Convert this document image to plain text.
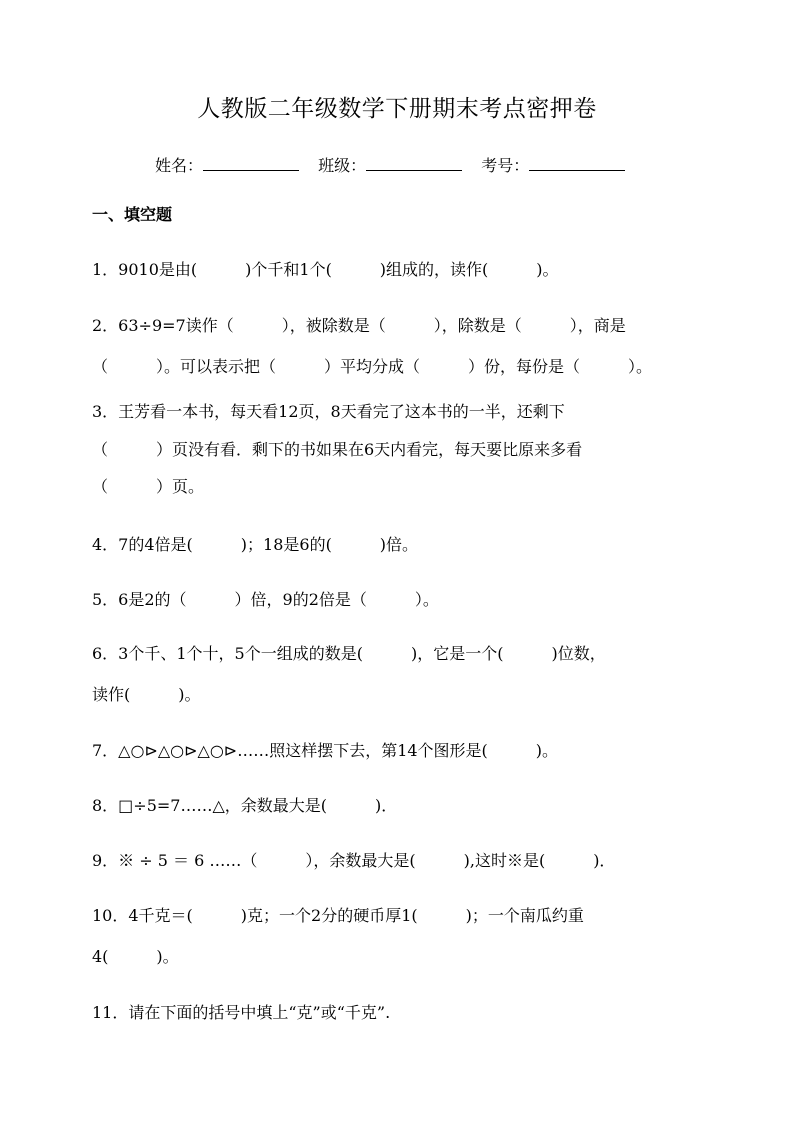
人教版二年级数学下册期末考点密押卷
姓名：	班级：	考号：
一、填空题
1．9010是由(　　　)个千和1个(　　　)组成的，读作(　　　)。
2．63÷9=7读作（　　　），被除数是（　　　），除数是（　　　），商是
（　　　）。可以表示把（　　　）平均分成（　　　）份，每份是（　　　）。
3．王芳看一本书，每天看12页，8天看完了这本书的一半，还剩下
（　　　）页没有看．剩下的书如果在6天内看完，每天要比原来多看
（　　　）页。
4．7的4倍是(　　　)；18是6的(　　　)倍。
5．6是2的（　　　）倍，9的2倍是（　　　）。
6．3个千、1个十，5个一组成的数是(　　　)，它是一个(　　　)位数，
读作(　　　)。
7．△○⊳△○⊳△○⊳……照这样摆下去，第14个图形是(　　　)。
8．□÷5=7……△，余数最大是(　　　)．
9．※ ÷ 5 ＝ 6 ……（　　　），余数最大是(　　　),这时※是(　　　)．
10．4千克＝(　　　)克；一个2分的硬币厚1(　　　)；一个南瓜约重
4(　　　)。
11．请在下面的括号中填上“克”或“千克”.
